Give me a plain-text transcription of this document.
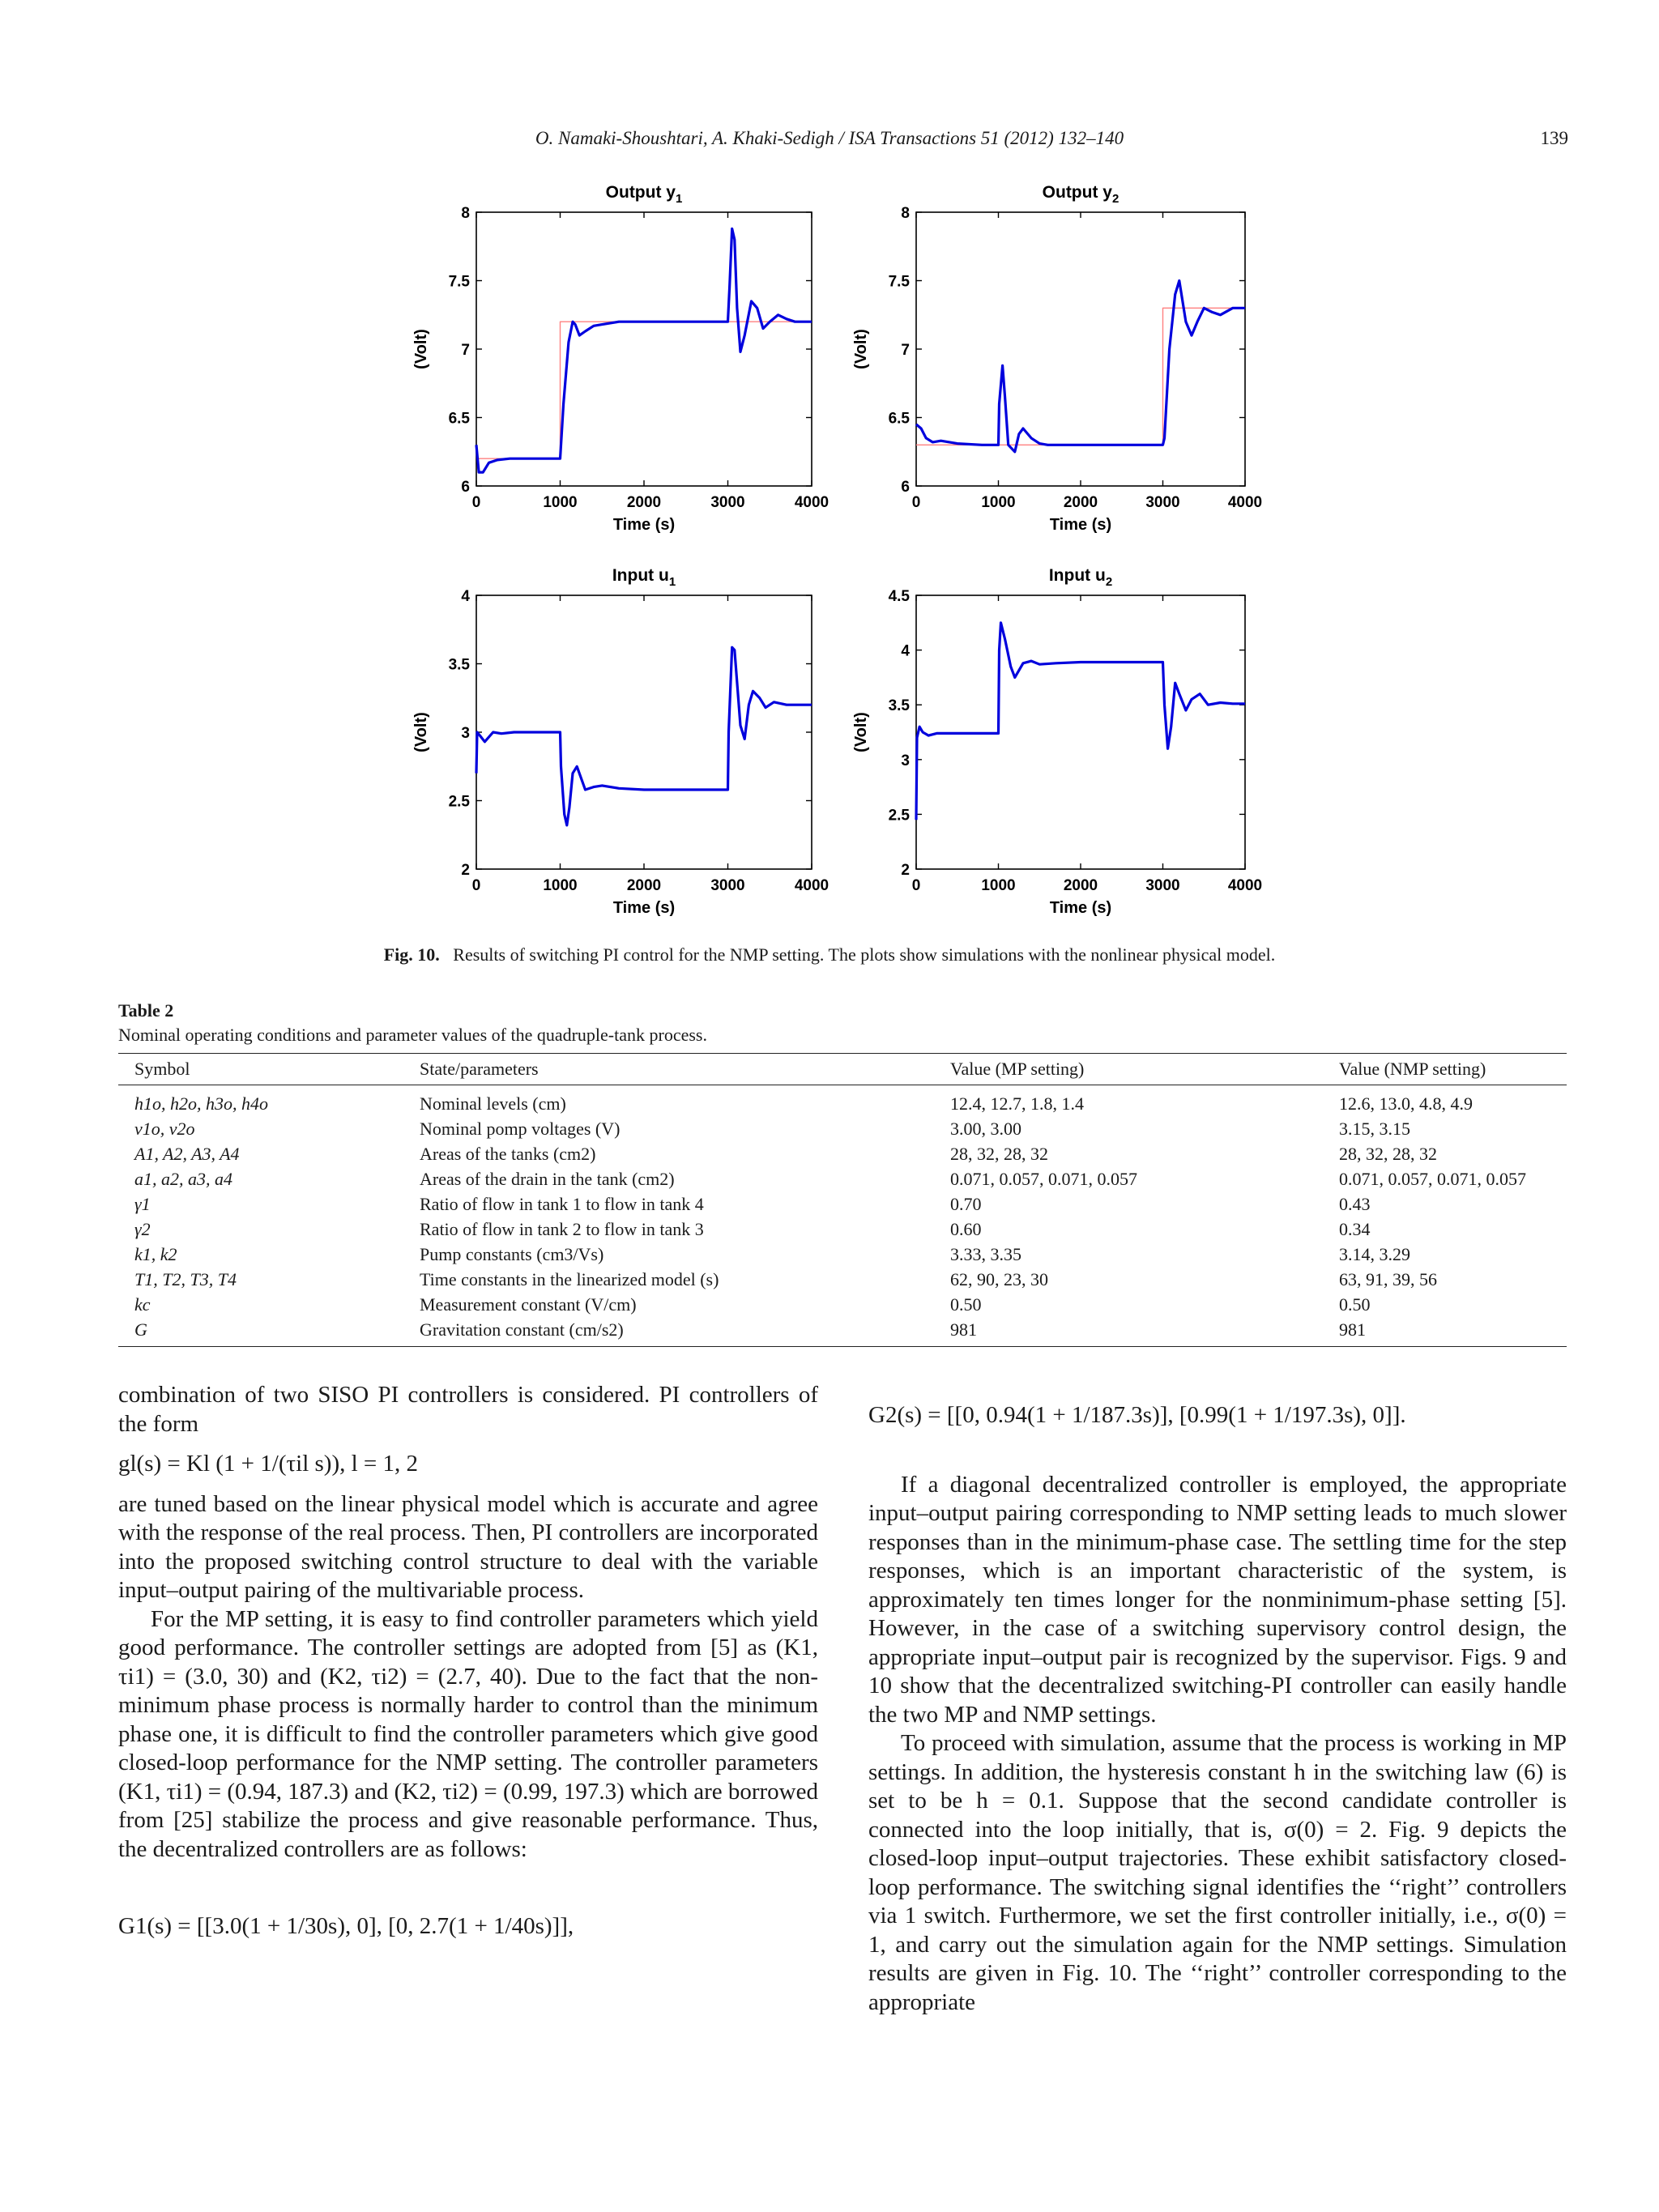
O. Namaki-Shoushtari, A. Khaki-Sedigh / ISA Transactions 51 (2012) 132–140	139
Output $y_1$
0	1000	2000	3000	4000
6
6.5
7
7.5
8
Time (s)
(Volt)
Output $y_2$
0	1000	2000	3000	4000
6
6.5
7
7.5
8
Time (s)
(Volt)
Input $u_1$
0	1000	2000	3000	4000
2
2.5
3
3.5
4
Time (s)
(Volt)
Input $u_2$
0	1000	2000	3000	4000
2
2.5
3
3.5
4
4.5
Time (s)
(Volt)
Fig. 10. Results of switching PI control for the NMP setting. The plots show simulations with the nonlinear physical model.
Table 2
Nominal operating conditions and parameter values of the quadruple-tank process.
Symbol	State/parameters	Value (MP setting)	Value (NMP setting)
h1o, h2o, h3o, h4o	Nominal levels (cm)	12.4, 12.7, 1.8, 1.4	12.6, 13.0, 4.8, 4.9
v1o, v2o	Nominal pomp voltages (V)	3.00, 3.00	3.15, 3.15
A1, A2, A3, A4	Areas of the tanks (cm2)	28, 32, 28, 32	28, 32, 28, 32
a1, a2, a3, a4	Areas of the drain in the tank (cm2)	0.071, 0.057, 0.071, 0.057	0.071, 0.057, 0.071, 0.057
γ1	Ratio of flow in tank 1 to flow in tank 4	0.70	0.43
γ2	Ratio of flow in tank 2 to flow in tank 3	0.60	0.34
k1, k2	Pump constants (cm3/Vs)	3.33, 3.35	3.14, 3.29
T1, T2, T3, T4	Time constants in the linearized model (s)	62, 90, 23, 30	63, 91, 39, 56
kc	Measurement constant (V/cm)	0.50	0.50
G	Gravitation constant (cm/s2)	981	981

combination of two SISO PI controllers is considered. PI controllers of the form

gl(s) = Kl (1 + 1/(τil s)), l = 1, 2

are tuned based on the linear physical model which is accurate and agree with the response of the real process. Then, PI controllers are incorporated into the proposed switching control structure to deal with the variable input–output pairing of the multivariable process.

For the MP setting, it is easy to find controller parameters which yield good performance. The controller settings are adopted from [5] as (K1, τi1) = (3.0, 30) and (K2, τi2) = (2.7, 40). Due to the fact that the non-minimum phase process is normally harder to control than the minimum phase one, it is difficult to find the controller parameters which give good closed-loop performance for the NMP setting. The controller parameters (K1, τi1) = (0.94, 187.3) and (K2, τi2) = (0.99, 197.3) which are borrowed from [25] stabilize the process and give reasonable performance. Thus, the decentralized controllers are as follows:

G1(s) = [[3.0(1 + 1/30s), 0], [0, 2.7(1 + 1/40s)]],

G2(s) = [[0, 0.94(1 + 1/187.3s)], [0.99(1 + 1/197.3s), 0]].

If a diagonal decentralized controller is employed, the appropriate input–output pairing corresponding to NMP setting leads to much slower responses than in the minimum-phase case. The settling time for the step responses, which is an important characteristic of the system, is approximately ten times longer for the nonminimum-phase setting [5]. However, in the case of a switching supervisory control design, the appropriate input–output pair is recognized by the supervisor. Figs. 9 and 10 show that the decentralized switching-PI controller can easily handle the two MP and NMP settings.

To proceed with simulation, assume that the process is working in MP settings. In addition, the hysteresis constant h in the switching law (6) is set to be h = 0.1. Suppose that the second candidate controller is connected into the loop initially, that is, σ(0) = 2. Fig. 9 depicts the closed-loop input–output trajectories. These exhibit satisfactory closed-loop performance. The switching signal identifies the ‘‘right’’ controllers via 1 switch. Furthermore, we set the first controller initially, i.e., σ(0) = 1, and carry out the simulation again for the NMP settings. Simulation results are given in Fig. 10. The ‘‘right’’ controller corresponding to the appropriate
